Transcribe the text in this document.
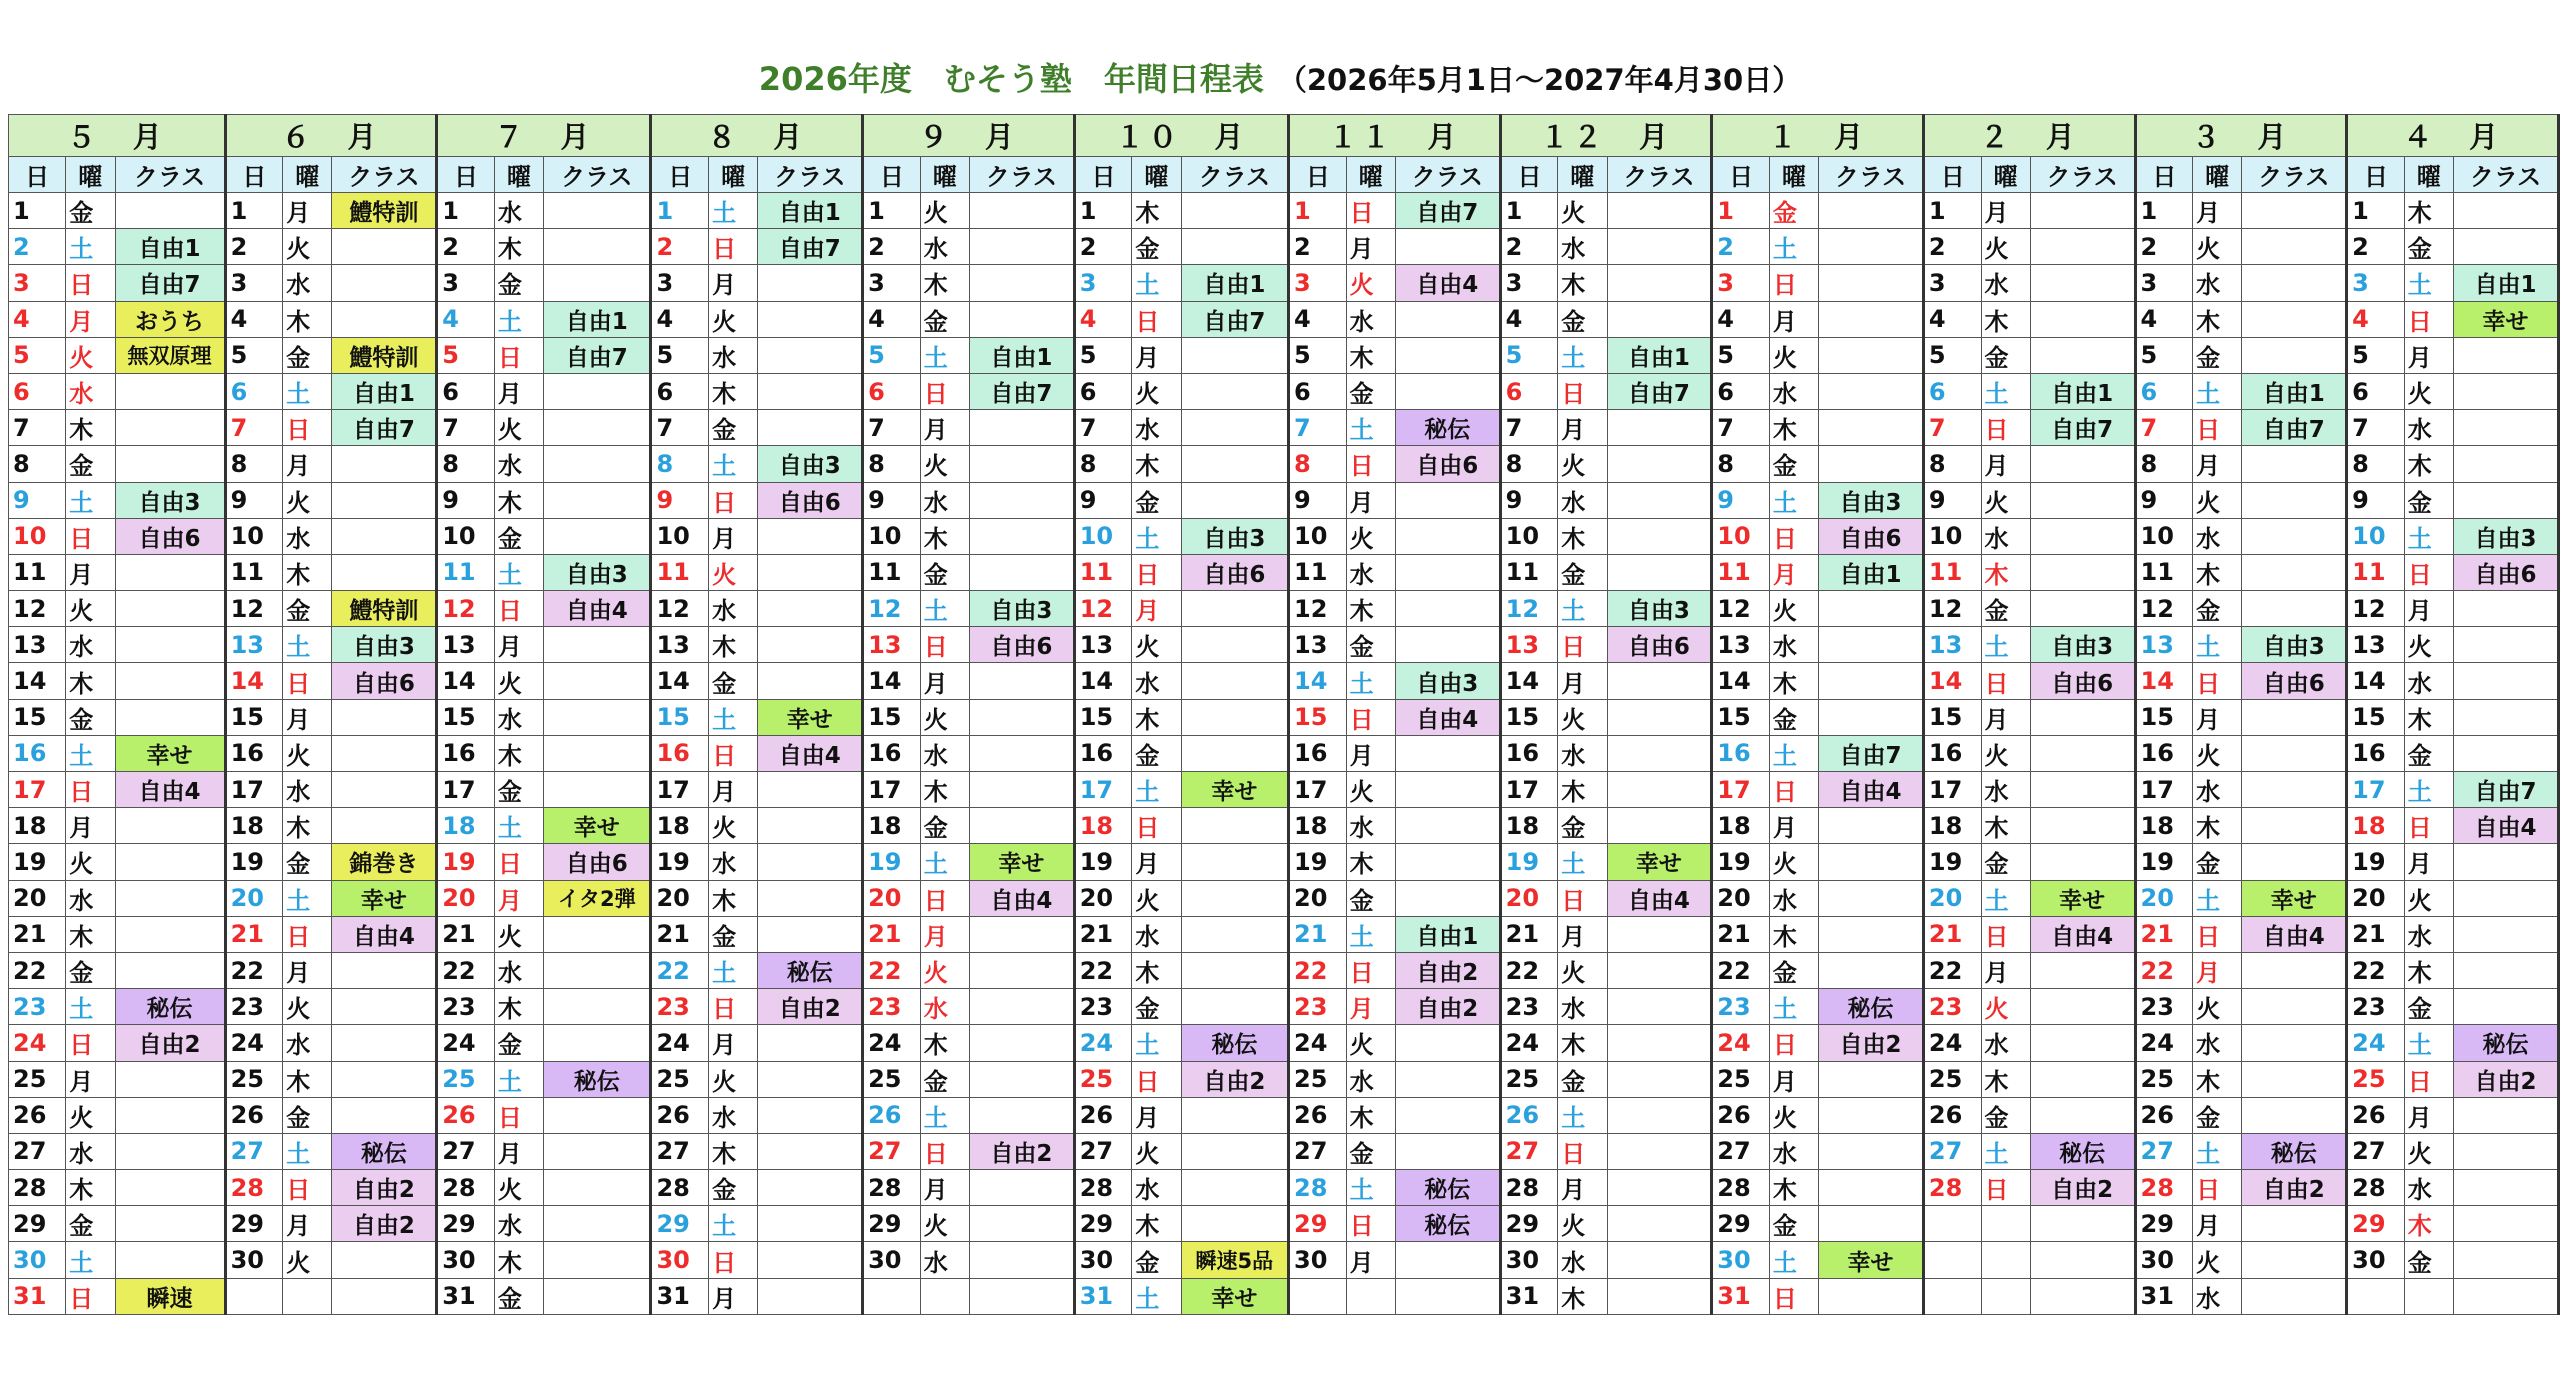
2026年度　むそう塾　年間日程表 （2026年5月1日～2027年4月30日）
５　月			６　月			７　月			８　月			９　月			１０　月			１１　月			１２　月			１　月			２　月			３　月			４　月		
日	曜	クラス	日	曜	クラス	日	曜	クラス	日	曜	クラス	日	曜	クラス	日	曜	クラス	日	曜	クラス	日	曜	クラス	日	曜	クラス	日	曜	クラス	日	曜	クラス	日	曜	クラス
1	金		1	月	鱧特訓	1	水		1	土	自由1	1	火		1	木		1	日	自由7	1	火		1	金		1	月		1	月		1	木	
2	土	自由1	2	火		2	木		2	日	自由7	2	水		2	金		2	月		2	水		2	土		2	火		2	火		2	金	
3	日	自由7	3	水		3	金		3	月		3	木		3	土	自由1	3	火	自由4	3	木		3	日		3	水		3	水		3	土	自由1
4	月	おうち	4	木		4	土	自由1	4	火		4	金		4	日	自由7	4	水		4	金		4	月		4	木		4	木		4	日	幸せ
5	火	無双原理	5	金	鱧特訓	5	日	自由7	5	水		5	土	自由1	5	月		5	木		5	土	自由1	5	火		5	金		5	金		5	月	
6	水		6	土	自由1	6	月		6	木		6	日	自由7	6	火		6	金		6	日	自由7	6	水		6	土	自由1	6	土	自由1	6	火	
7	木		7	日	自由7	7	火		7	金		7	月		7	水		7	土	秘伝	7	月		7	木		7	日	自由7	7	日	自由7	7	水	
8	金		8	月		8	水		8	土	自由3	8	火		8	木		8	日	自由6	8	火		8	金		8	月		8	月		8	木	
9	土	自由3	9	火		9	木		9	日	自由6	9	水		9	金		9	月		9	水		9	土	自由3	9	火		9	火		9	金	
10	日	自由6	10	水		10	金		10	月		10	木		10	土	自由3	10	火		10	木		10	日	自由6	10	水		10	水		10	土	自由3
11	月		11	木		11	土	自由3	11	火		11	金		11	日	自由6	11	水		11	金		11	月	自由1	11	木		11	木		11	日	自由6
12	火		12	金	鱧特訓	12	日	自由4	12	水		12	土	自由3	12	月		12	木		12	土	自由3	12	火		12	金		12	金		12	月	
13	水		13	土	自由3	13	月		13	木		13	日	自由6	13	火		13	金		13	日	自由6	13	水		13	土	自由3	13	土	自由3	13	火	
14	木		14	日	自由6	14	火		14	金		14	月		14	水		14	土	自由3	14	月		14	木		14	日	自由6	14	日	自由6	14	水	
15	金		15	月		15	水		15	土	幸せ	15	火		15	木		15	日	自由4	15	火		15	金		15	月		15	月		15	木	
16	土	幸せ	16	火		16	木		16	日	自由4	16	水		16	金		16	月		16	水		16	土	自由7	16	火		16	火		16	金	
17	日	自由4	17	水		17	金		17	月		17	木		17	土	幸せ	17	火		17	木		17	日	自由4	17	水		17	水		17	土	自由7
18	月		18	木		18	土	幸せ	18	火		18	金		18	日		18	水		18	金		18	月		18	木		18	木		18	日	自由4
19	火		19	金	錦巻き	19	日	自由6	19	水		19	土	幸せ	19	月		19	木		19	土	幸せ	19	火		19	金		19	金		19	月	
20	水		20	土	幸せ	20	月	イタ2弾	20	木		20	日	自由4	20	火		20	金		20	日	自由4	20	水		20	土	幸せ	20	土	幸せ	20	火	
21	木		21	日	自由4	21	火		21	金		21	月		21	水		21	土	自由1	21	月		21	木		21	日	自由4	21	日	自由4	21	水	
22	金		22	月		22	水		22	土	秘伝	22	火		22	木		22	日	自由2	22	火		22	金		22	月		22	月		22	木	
23	土	秘伝	23	火		23	木		23	日	自由2	23	水		23	金		23	月	自由2	23	水		23	土	秘伝	23	火		23	火		23	金	
24	日	自由2	24	水		24	金		24	月		24	木		24	土	秘伝	24	火		24	木		24	日	自由2	24	水		24	水		24	土	秘伝
25	月		25	木		25	土	秘伝	25	火		25	金		25	日	自由2	25	水		25	金		25	月		25	木		25	木		25	日	自由2
26	火		26	金		26	日		26	水		26	土		26	月		26	木		26	土		26	火		26	金		26	金		26	月	
27	水		27	土	秘伝	27	月		27	木		27	日	自由2	27	火		27	金		27	日		27	水		27	土	秘伝	27	土	秘伝	27	火	
28	木		28	日	自由2	28	火		28	金		28	月		28	水		28	土	秘伝	28	月		28	木		28	日	自由2	28	日	自由2	28	水	
29	金		29	月	自由2	29	水		29	土		29	火		29	木		29	日	秘伝	29	火		29	金					29	月		29	木	
30	土		30	火		30	木		30	日		30	水		30	金	瞬速5品	30	月		30	水		30	土	幸せ				30	火		30	金	
31	日	瞬速				31	金		31	月					31	土	幸せ				31	木		31	日					31	水				
